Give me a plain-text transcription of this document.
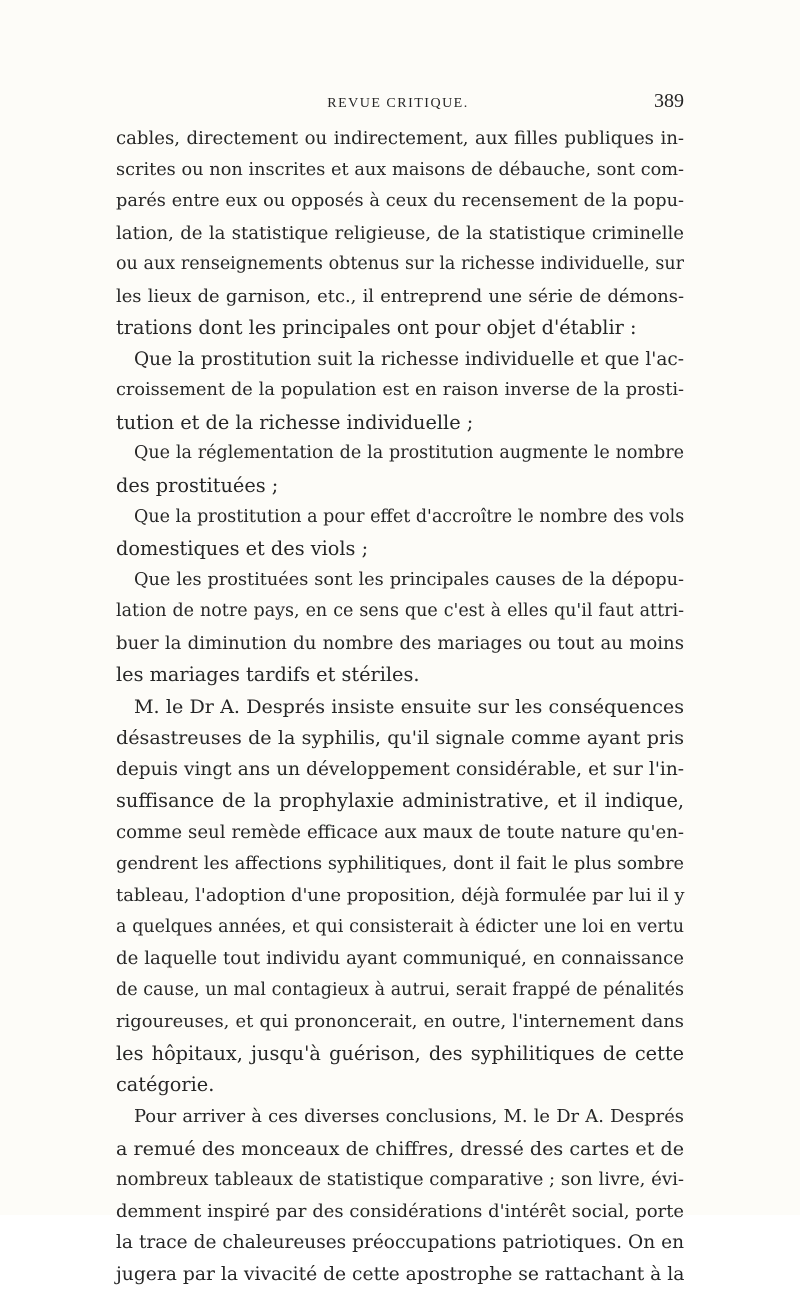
REVUE CRITIQUE.	389
cables, directement ou indirectement, aux filles publiques in-
scrites ou non inscrites et aux maisons de débauche, sont com-
parés entre eux ou opposés à ceux du recensement de la popu-
lation, de la statistique religieuse, de la statistique criminelle
ou aux renseignements obtenus sur la richesse individuelle, sur
les lieux de garnison, etc., il entreprend une série de démons-
trations dont les principales ont pour objet d'établir :
Que la prostitution suit la richesse individuelle et que l'ac-
croissement de la population est en raison inverse de la prosti-
tution et de la richesse individuelle ;
Que la réglementation de la prostitution augmente le nombre
des prostituées ;
Que la prostitution a pour effet d'accroître le nombre des vols
domestiques et des viols ;
Que les prostituées sont les principales causes de la dépopu-
lation de notre pays, en ce sens que c'est à elles qu'il faut attri-
buer la diminution du nombre des mariages ou tout au moins
les mariages tardifs et stériles.
M. le Dr A. Després insiste ensuite sur les conséquences
désastreuses de la syphilis, qu'il signale comme ayant pris
depuis vingt ans un développement considérable, et sur l'in-
suffisance de la prophylaxie administrative, et il indique,
comme seul remède efficace aux maux de toute nature qu'en-
gendrent les affections syphilitiques, dont il fait le plus sombre
tableau, l'adoption d'une proposition, déjà formulée par lui il y
a quelques années, et qui consisterait à édicter une loi en vertu
de laquelle tout individu ayant communiqué, en connaissance
de cause, un mal contagieux à autrui, serait frappé de pénalités
rigoureuses, et qui prononcerait, en outre, l'internement dans
les hôpitaux, jusqu'à guérison, des syphilitiques de cette
catégorie.
Pour arriver à ces diverses conclusions, M. le Dr A. Després
a remué des monceaux de chiffres, dressé des cartes et de
nombreux tableaux de statistique comparative ; son livre, évi-
demment inspiré par des considérations d'intérêt social, porte
la trace de chaleureuses préoccupations patriotiques. On en
jugera par la vivacité de cette apostrophe se rattachant à la
